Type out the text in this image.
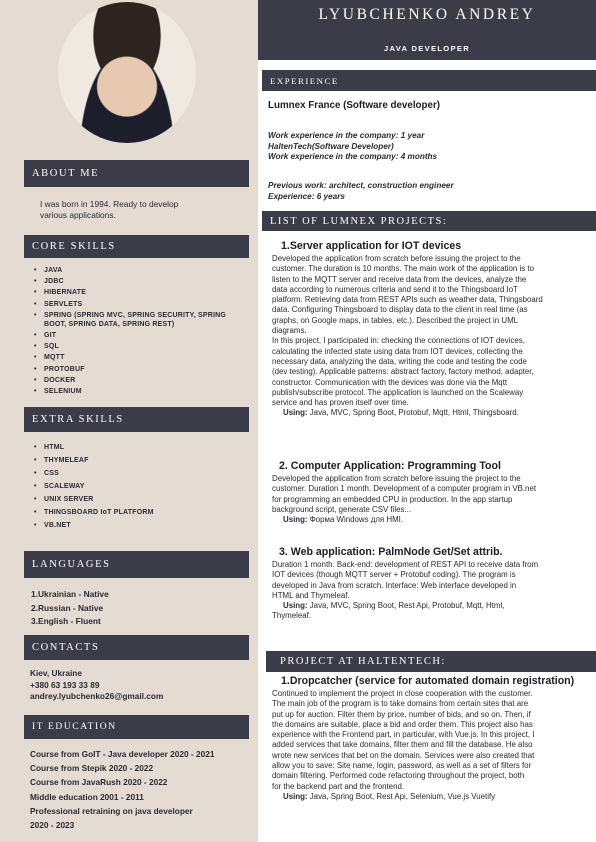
ABOUT ME
I was born in 1994. Ready to develop
various applications.
CORE SKILLS
• JAVA
• JDBC
• HIBERNATE
• SERVLETS
• SPRING (SPRING MVC, SPRING SECURITY, SPRING
BOOT, SPRING DATA, SPRING REST)
• GIT
• SQL
• MQTT
• PROTOBUF
• DOCKER
• SELENIUM
EXTRA SKILLS
• HTML
• THYMELEAF
• CSS
• SCALEWAY
• UNIX SERVER
• THINGSBOARD IoT PLATFORM
• VB.NET
LANGUAGES
1.Ukrainian - Native
2.Russian - Native
3.English - Fluent
CONTACTS
Kiev, Ukraine
+380 63 193 33 89
andrey.lyubchenko26@gmail.com
IT EDUCATION
Course from GoIT - Java developer 2020 - 2021
Course from Stepik 2020 - 2022
Course from JavaRush 2020 - 2022
Middle education 2001 - 2011
Professional retraining on java developer
2020 - 2023
LYUBCHENKO ANDREY
JAVA DEVELOPER
EXPERIENCE
Lumnex France (Software developer)
Work experience in the company: 1 year
HaltenTech(Software Developer)
Work experience in the company: 4 months
Previous work: architect, construction engineer
Experience: 6 years
LIST OF LUMNEX PROJECTS:
1.Server application for IOT devices
Developed the application from scratch before issuing the project to the
customer. The duration is 10 months. The main work of the application is to
listen to the MQTT server and receive data from the devices, analyze the
data according to numerous criteria and send it to the Thingsboard IoT
platform. Retrieving data from REST APIs such as weather data, Thingsboard
data. Configuring Thingsboard to display data to the client in real time (as
graphs, on Google maps, in tables, etc.). Described the project in UML
diagrams.
In this project, I participated in: checking the connections of IOT devices,
calculating the infected state using data from IOT devices, collecting the
necessary data, analyzing the data, writing the code and testing the code
(dev testing). Applicable patterns: abstract factory, factory method, adapter,
constructor. Communication with the devices was done via the Mqtt
publish/subscribe protocol. The application is launched on the Scaleway
service and has proven itself over time.
Using: Java, MVC, Spring Boot, Protobuf, Mqtt, Html, Thingsboard.
2. Computer Application: Programming Tool
Developed the application from scratch before issuing the project to the
customer. Duration 1 month. Development of a computer program in VB.net
for programming an embedded CPU in production. In the app startup
background script, generate CSV files...
Using: Форма Windows для HMI.
3. Web application: PalmNode Get/Set attrib.
Duration 1 month. Back-end: development of REST API to receive data from
IOT devices (though MQTT server + Protobuf coding). The program is
developed in Java from scratch. Interface: Web interface developed in
HTML and Thymeleaf.
Using: Java, MVC, Spring Boot, Rest Api, Protobuf, Mqtt, Html,
Thymeleaf.
PROJECT AT HALTENTECH:
1.Dropcatcher (service for automated domain registration)
Continued to implement the project in close cooperation with the customer.
The main job of the program is to take domains from certain sites that are
put up for auction. Filter them by price, number of bids, and so on. Then, if
the domains are suitable, place a bid and order them. This project also has
experience with the Frontend part, in particular, with Vue.js. In this project, I
added services that take domains, filter them and fill the database. He also
wrote new services that bet on the domain. Services were also created that
allow you to save: Site name, login, password, as well as a set of filters for
domain filtering. Performed code refactoring throughout the project, both
for the backend part and the frontend.
Using: Java, Spring Boot, Rest Api, Selenium, Vue.js Vuetify
